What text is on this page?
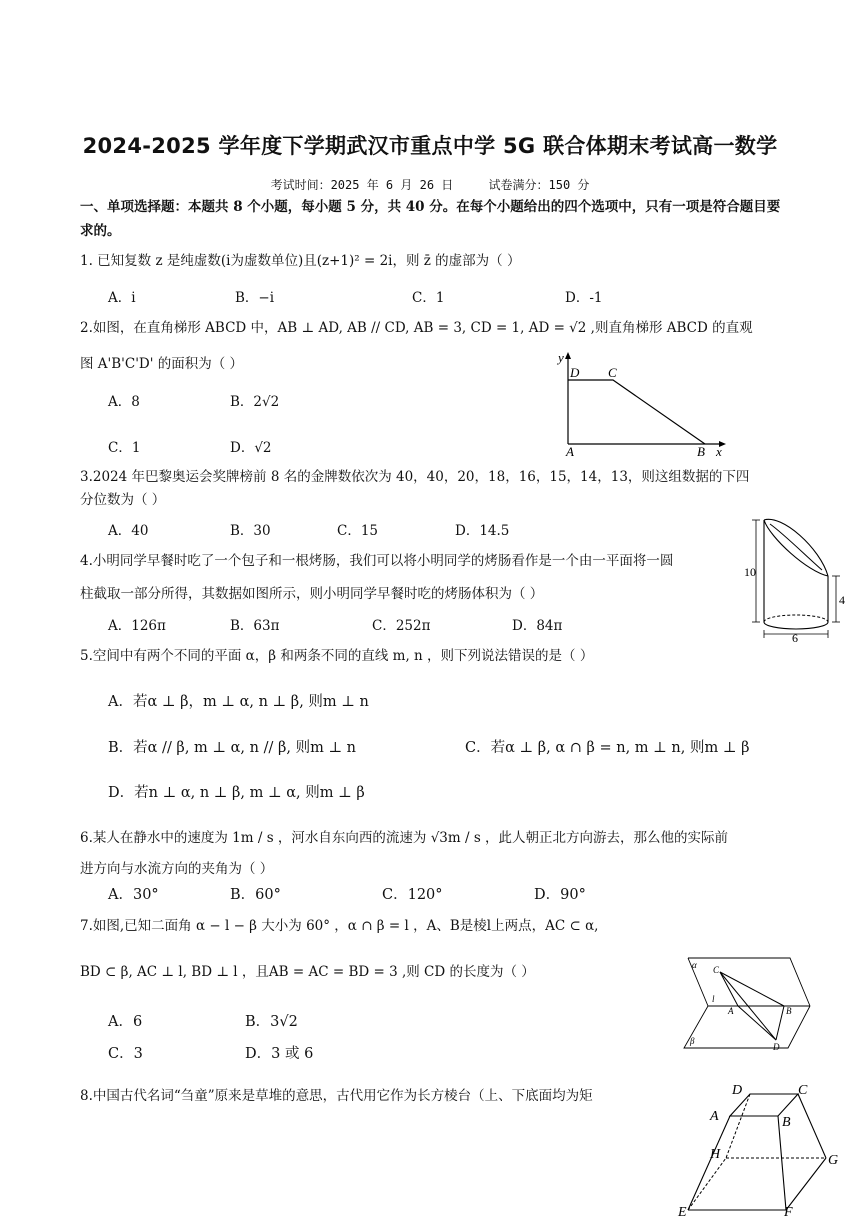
2024-2025 学年度下学期武汉市重点中学 5G 联合体期末考试高一数学
考试时间：2025 年 6 月 26 日	试卷满分：150 分
一、单项选择题：本题共 8 个小题，每小题 5 分，共 40 分。在每个小题给出的四个选项中，只有一项是符合题目要求的。
1. 已知复数 z 是纯虚数(i为虚数单位)且(z+1)² = 2i，则 z̄ 的虚部为（ ）
A．i	B．−i	C．1	D．-1
2.如图，在直角梯形 ABCD 中，AB ⊥ AD, AB // CD, AB = 3, CD = 1, AD = √2 ,则直角梯形 ABCD 的直观
图 A'B'C'D' 的面积为（ ）
A．8	B．2√2
C．1	D．√2
y
x
A	B
C
D
3.2024 年巴黎奥运会奖牌榜前 8 名的金牌数依次为 40，40，20，18，16，15，14，13，则这组数据的下四
分位数为（ ）
A．40	B．30	C．15	D．14.5
4.小明同学早餐时吃了一个包子和一根烤肠，我们可以将小明同学的烤肠看作是一个由一平面将一圆
柱截取一部分所得，其数据如图所示，则小明同学早餐时吃的烤肠体积为（ ）
A．126π	B．63π	C．252π	D．84π
10
4
6
5.空间中有两个不同的平面 α，β 和两条不同的直线 m, n ，则下列说法错误的是（ ）
A．若α ⊥ β，m ⊥ α, n ⊥ β, 则m ⊥ n
B．若α // β, m ⊥ α, n // β, 则m ⊥ n	C．若α ⊥ β, α ∩ β = n, m ⊥ n, 则m ⊥ β
D．若n ⊥ α, n ⊥ β, m ⊥ α, 则m ⊥ β
6.某人在静水中的速度为 1m / s ，河水自东向西的流速为 √3m / s ，此人朝正北方向游去，那么他的实际前
进方向与水流方向的夹角为（ ）
A．30°	B．60°	C．120°	D．90°
7.如图,已知二面角 α − l − β 大小为 60° ，α ∩ β = l ，A、B是棱l上两点，AC ⊂ α,
BD ⊂ β, AC ⊥ l, BD ⊥ l ，且AB = AC = BD = 3 ,则 CD 的长度为（ ）
A．6	B．3√2
C．3	D．3 或 6
α
β
l
C
A	B
D
8.中国古代名词“刍童”原来是草堆的意思，古代用它作为长方棱台（上、下底面均为矩	D	C
A	B
H	G
E	F
